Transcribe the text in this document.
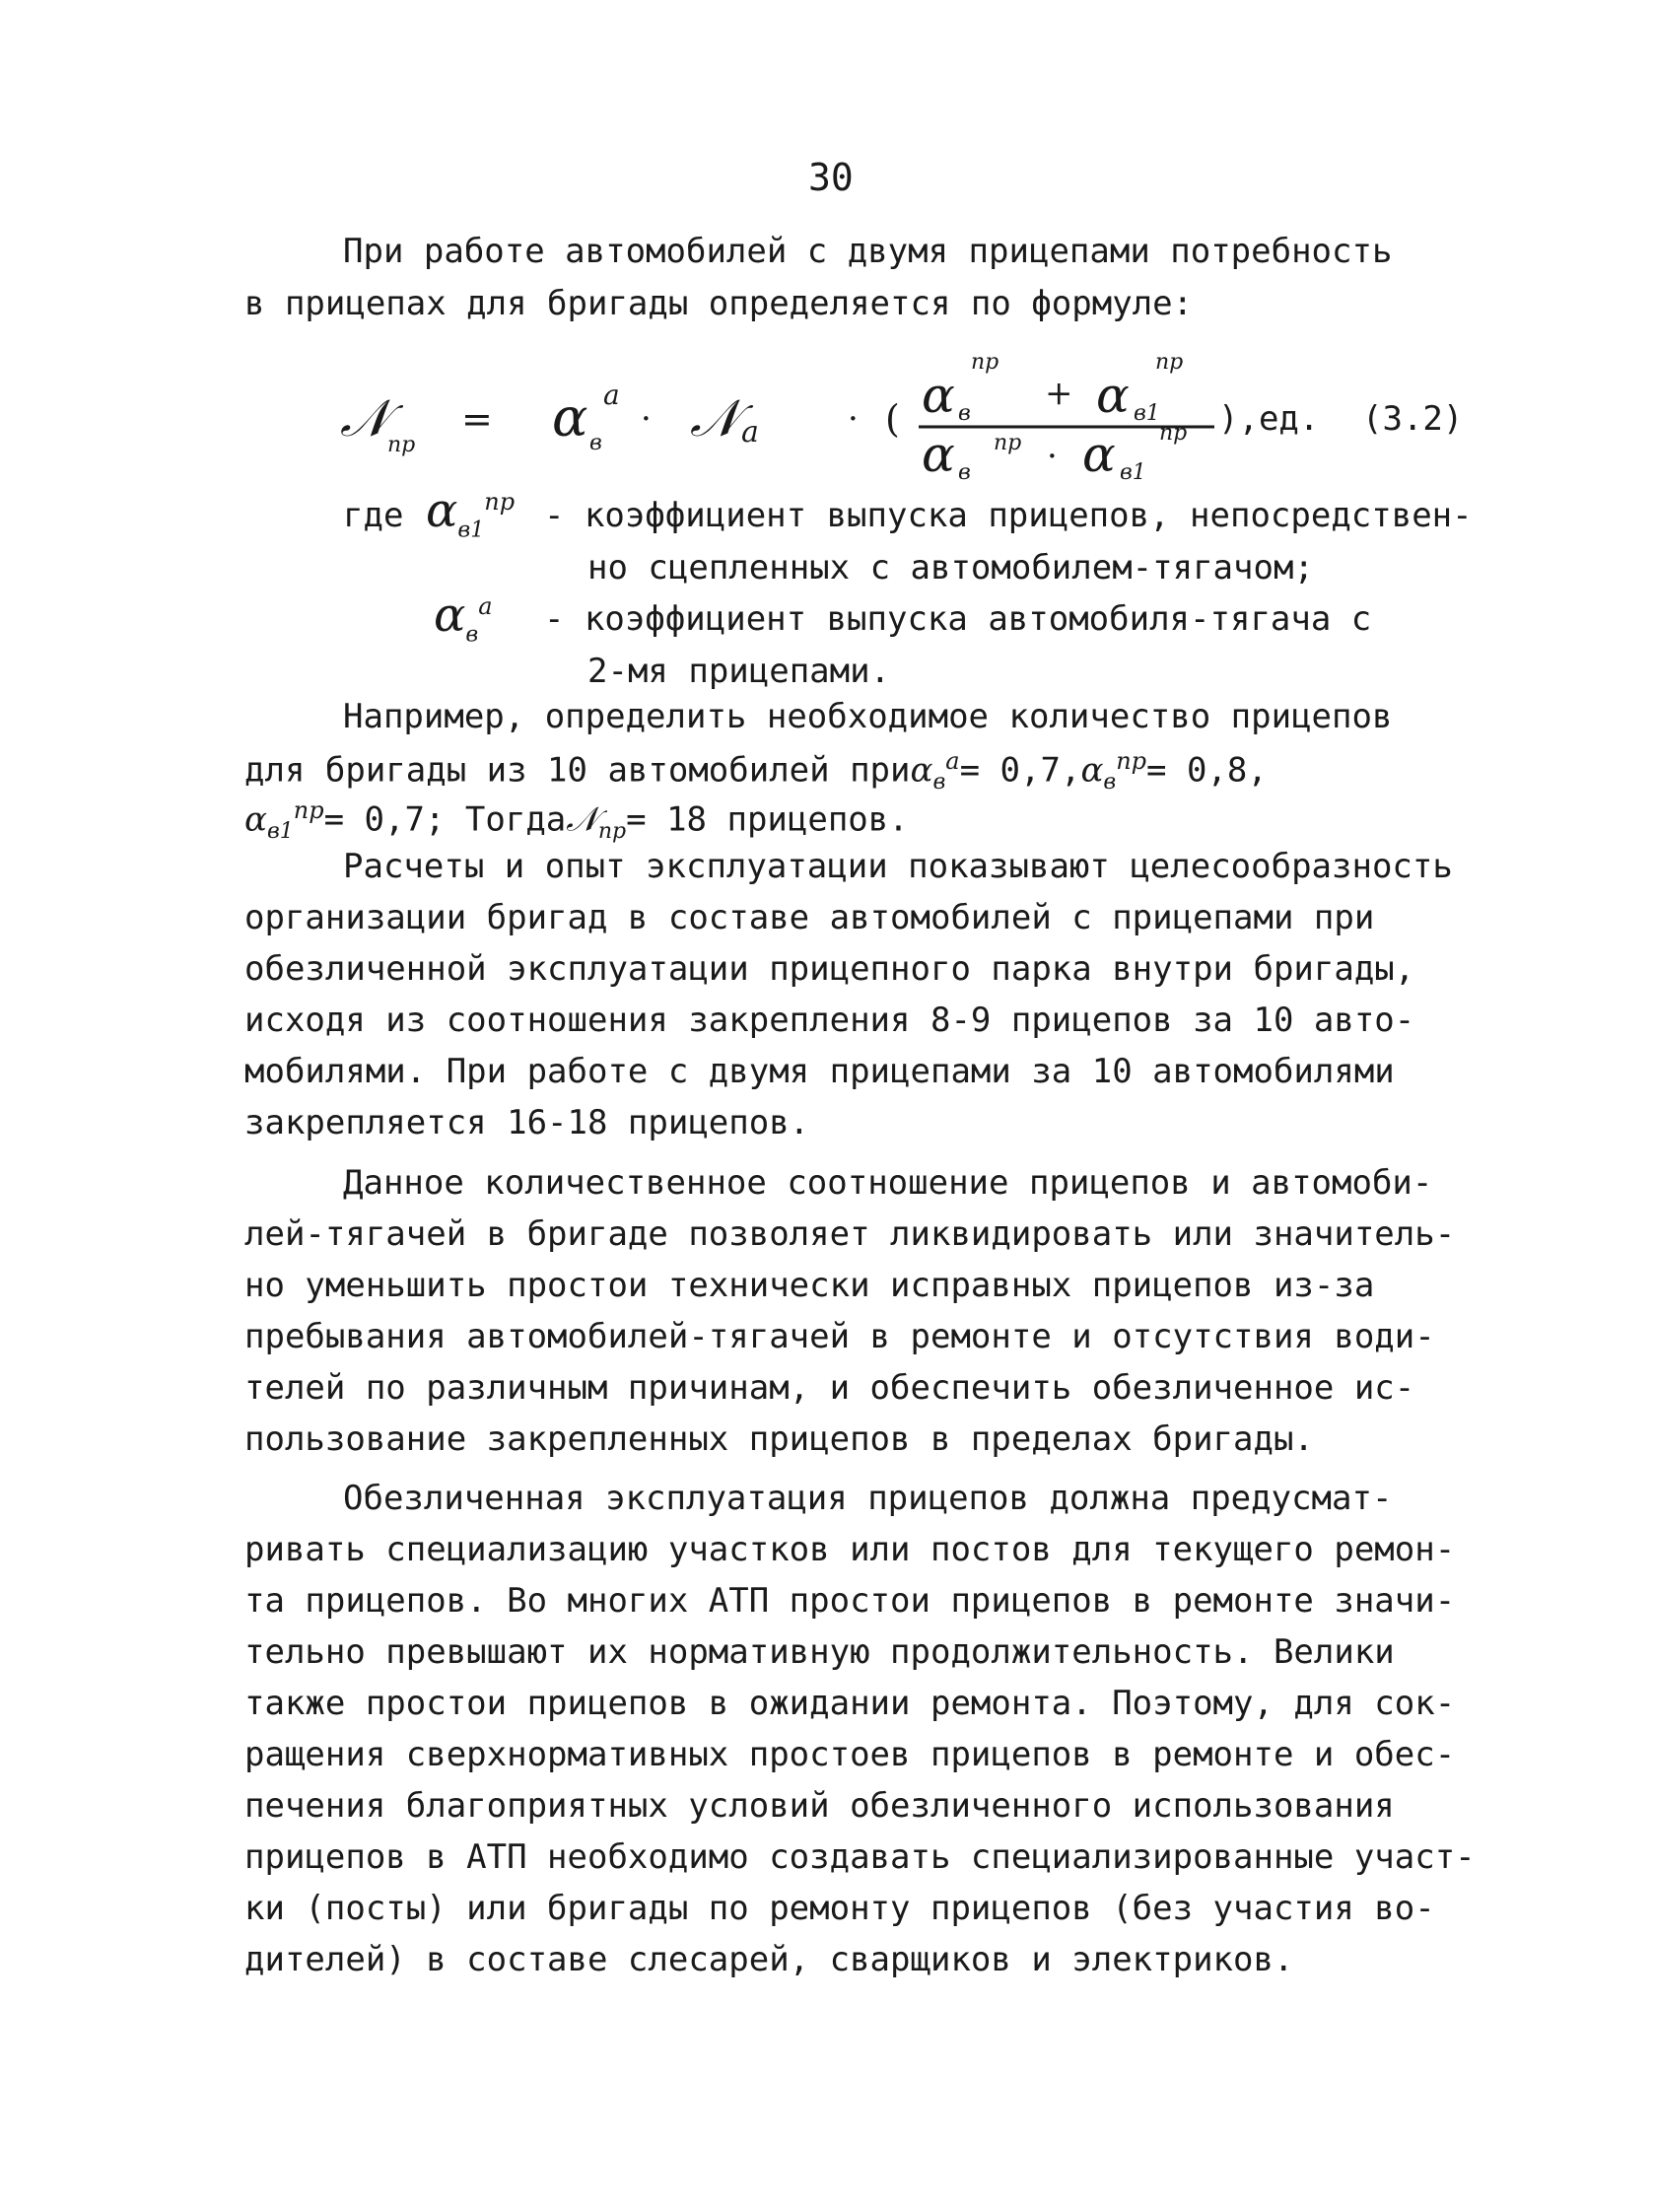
30
При работе автомобилей с двумя прицепами потребность
в прицепах для бригады определяется по формуле:
𝒩
пр
= α в
a
· 𝒩 a	· ( α в
пр
+ α в1
пр
α в
пр · α в1
пр ),ед. (3.2)
где $\alpha_{в1}^{пр}$ - коэффициент выпуска прицепов, непосредствен-
но сцепленных с автомобилем-тягачом;
$\alpha_в^a$ - коэффициент выпуска автомобиля-тягача с
2-мя прицепами.
Например, определить необходимое количество прицепов
для бригады из 10 автомобилей $при\alpha_в^a= 0,7,\alpha_в^{пр}= 0,8$,
$\alpha_{в1}^{пр}= 0,7$; Тогда𝒩$_{пр}$= 18 прицепов.
Расчеты и опыт эксплуатации показывают целесообразность
организации бригад в составе автомобилей с прицепами при
обезличенной эксплуатации прицепного парка внутри бригады,
исходя из соотношения закрепления 8-9 прицепов за 10 авто-
мобилями. При работе с двумя прицепами за 10 автомобилями
закрепляется 16-18 прицепов.
Данное количественное соотношение прицепов и автомоби-
лей-тягачей в бригаде позволяет ликвидировать или значитель-
но уменьшить простои технически исправных прицепов из-за
пребывания автомобилей-тягачей в ремонте и отсутствия води-
телей по различным причинам, и обеспечить обезличенное ис-
пользование закрепленных прицепов в пределах бригады.
Обезличенная эксплуатация прицепов должна предусмат-
ривать специализацию участков или постов для текущего ремон-
та прицепов. Во многих АТП простои прицепов в ремонте значи-
тельно превышают их нормативную продолжительность. Велики
также простои прицепов в ожидании ремонта. Поэтому, для сок-
ращения сверхнормативных простоев прицепов в ремонте и обес-
печения благоприятных условий обезличенного использования
прицепов в АТП необходимо создавать специализированные участ-
ки (посты) или бригады по ремонту прицепов (без участия во-
дителей) в составе слесарей, сварщиков и электриков.
